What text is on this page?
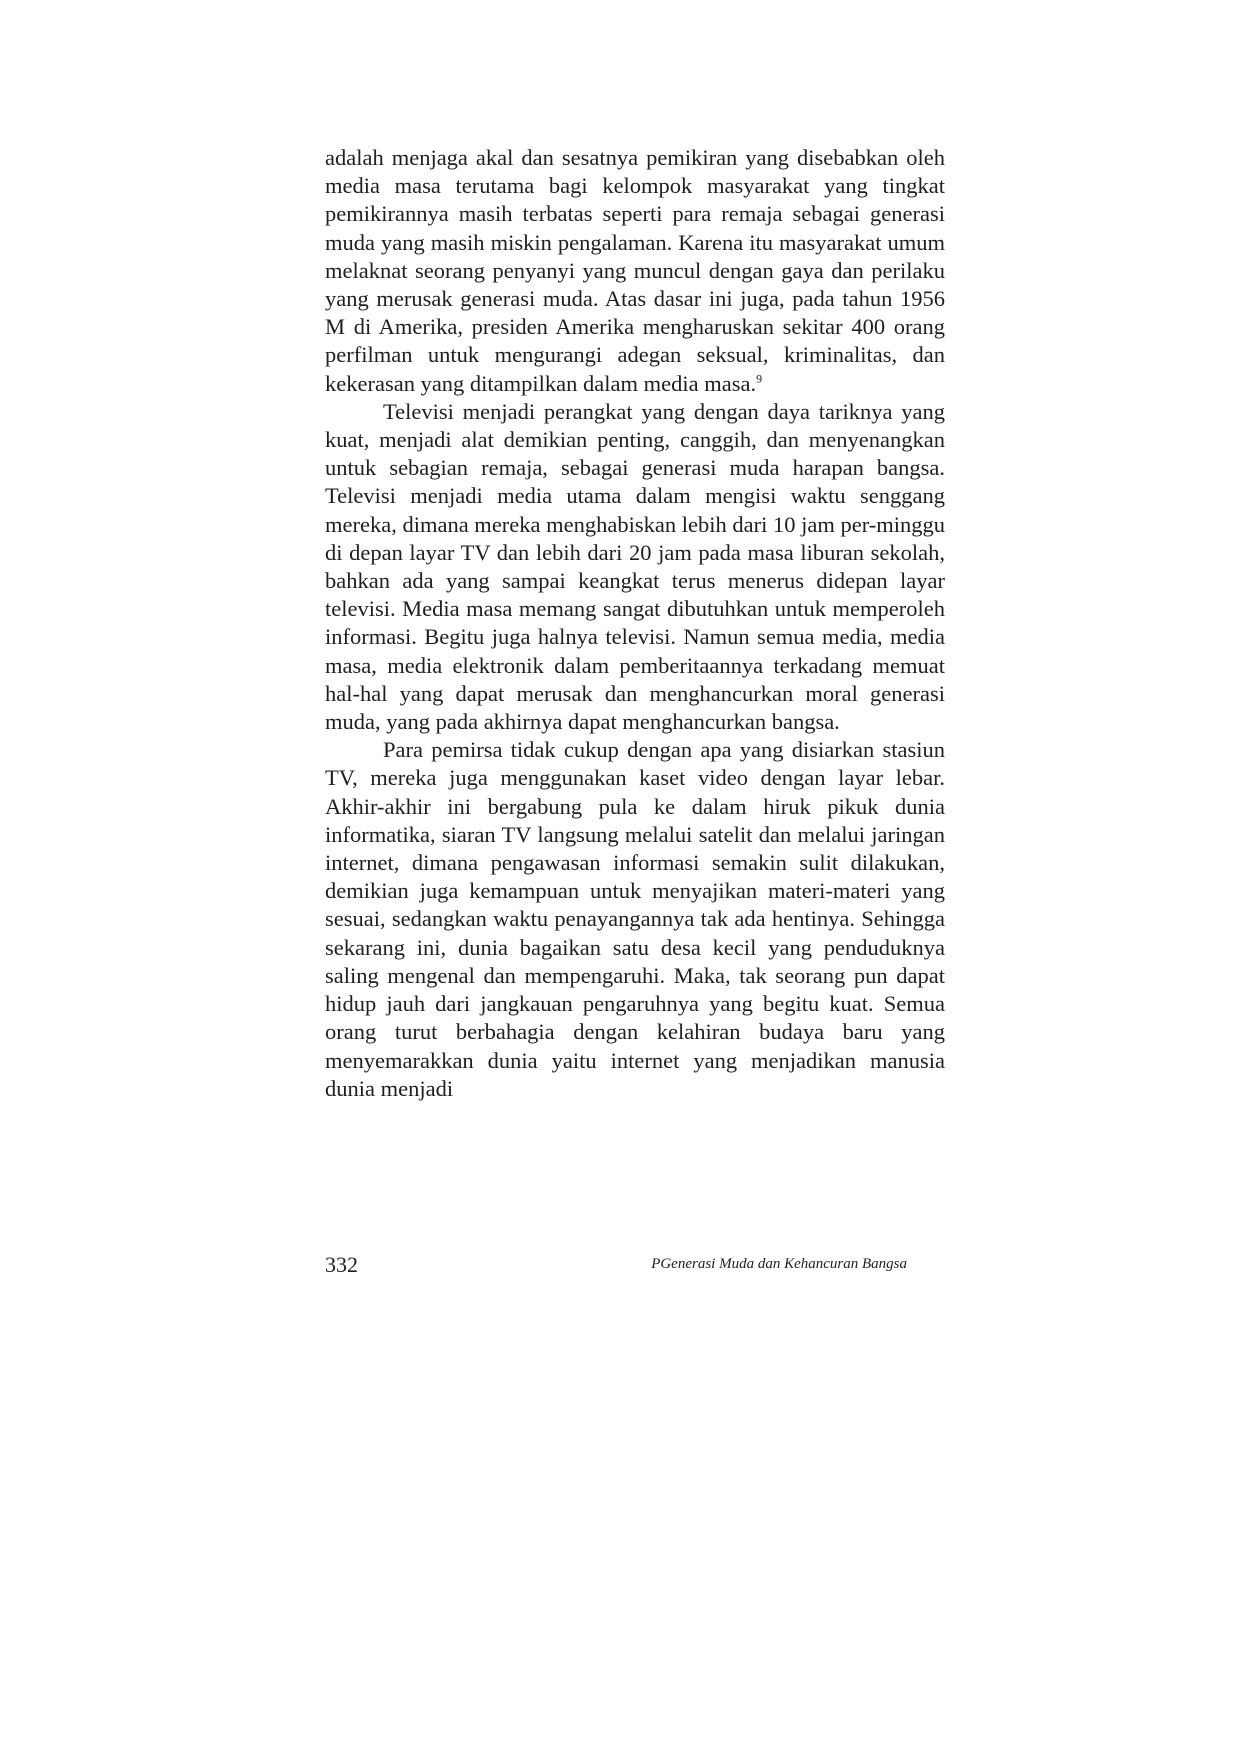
adalah menjaga akal dan sesatnya pemikiran yang disebabkan oleh media masa terutama bagi kelompok masyarakat yang tingkat pemikirannya masih terbatas seperti para remaja sebagai generasi muda yang masih miskin pengalaman. Karena itu masyarakat umum melaknat seorang penyanyi yang muncul dengan gaya dan perilaku yang merusak generasi muda. Atas dasar ini juga, pada tahun 1956 M di Amerika, presiden Amerika mengharuskan sekitar 400 orang perfilman untuk mengurangi adegan seksual, kriminalitas, dan kekerasan yang ditampilkan dalam media masa.$^9$

Televisi menjadi perangkat yang dengan daya tariknya yang kuat, menjadi alat demikian penting, canggih, dan menyenangkan untuk sebagian remaja, sebagai generasi muda harapan bangsa. Televisi menjadi media utama dalam mengisi waktu senggang mereka, dimana mereka menghabiskan lebih dari 10 jam per-minggu di depan layar TV dan lebih dari 20 jam pada masa liburan sekolah, bahkan ada yang sampai keangkat terus menerus didepan layar televisi. Media masa memang sangat dibutuhkan untuk memperoleh informasi. Begitu juga halnya televisi. Namun semua media, media masa, media elektronik dalam pemberitaannya terkadang memuat hal-hal yang dapat merusak dan menghancurkan moral generasi muda, yang pada akhirnya dapat menghancurkan bangsa.

Para pemirsa tidak cukup dengan apa yang disiarkan stasiun TV, mereka juga menggunakan kaset video dengan layar lebar. Akhir-akhir ini bergabung pula ke dalam hiruk pikuk dunia informatika, siaran TV langsung melalui satelit dan melalui jaringan internet, dimana pengawasan informasi semakin sulit dilakukan, demikian juga kemampuan untuk menyajikan materi-materi yang sesuai, sedangkan waktu penayangannya tak ada hentinya. Sehingga sekarang ini, dunia bagaikan satu desa kecil yang penduduknya saling mengenal dan mempengaruhi. Maka, tak seorang pun dapat hidup jauh dari jangkauan pengaruhnya yang begitu kuat. Semua orang turut berbahagia dengan kelahiran budaya baru yang menyemarakkan dunia yaitu internet yang menjadikan manusia dunia menjadi

332	PGenerasi Muda dan Kehancuran Bangsa
